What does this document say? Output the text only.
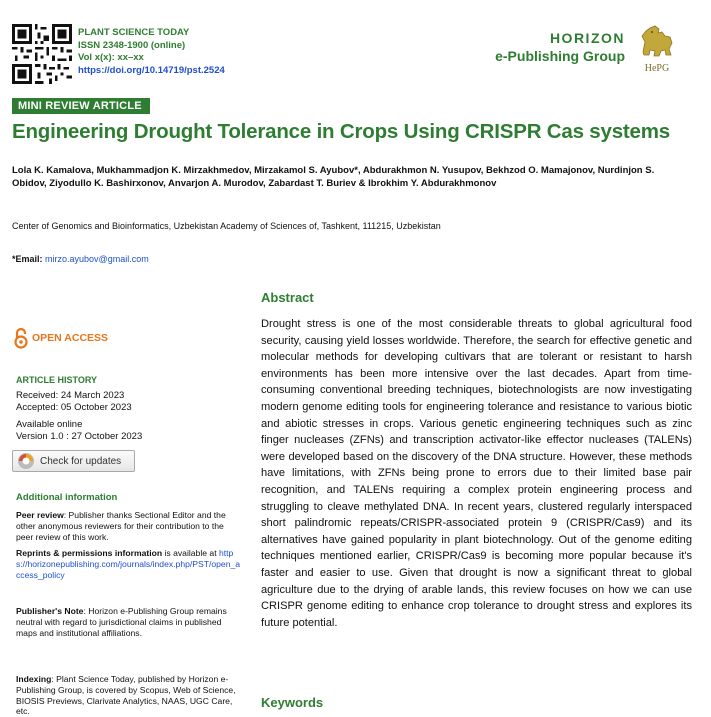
PLANT SCIENCE TODAY
ISSN 2348-1900 (online)
Vol x(x): xx–xx
https://doi.org/10.14719/pst.2524
HORIZON
e-Publishing Group
HePG
MINI REVIEW ARTICLE
Engineering Drought Tolerance in Crops Using CRISPR Cas systems
Lola K. Kamalova, Mukhammadjon K. Mirzakhmedov, Mirzakamol S. Ayubov*, Abdurakhmon N. Yusupov, Bekhzod O. Mamajonov, Nurdinjon S. Obidov, Ziyodullo K. Bashirxonov, Anvarjon A. Murodov, Zabardast T. Buriev & Ibrokhim Y. Abdurakhmonov
Center of Genomics and Bioinformatics, Uzbekistan Academy of Sciences of, Tashkent, 111215, Uzbekistan
*Email: mirzo.ayubov@gmail.com
Abstract
Drought stress is one of the most considerable threats to global agricultural food security, causing yield losses worldwide. Therefore, the search for effective genetic and molecular methods for developing cultivars that are tolerant or resistant to harsh environments has been more intensive over the last decades. Apart from time-consuming conventional breeding techniques, biotechnologists are now investigating modern genome editing tools for engineering tolerance and resistance to various biotic and abiotic stresses in crops. Various genetic engineering techniques such as zinc finger nucleases (ZFNs) and transcription activator-like effector nucleases (TALENs) were developed based on the discovery of the DNA structure. However, these methods have limitations, with ZFNs being prone to errors due to their limited base pair recognition, and TALENs requiring a complex protein engineering process and struggling to cleave methylated DNA. In recent years, clustered regularly interspaced short palindromic repeats/CRISPR-associated protein 9 (CRISPR/Cas9) and its alternatives have gained popularity in plant biotechnology. Out of the genome editing techniques mentioned earlier, CRISPR/Cas9 is becoming more popular because it's faster and easier to use. Given that drought is now a significant threat to global agriculture due to the drying of arable lands, this review focuses on how we can use CRISPR genome editing to enhance crop tolerance to drought stress and explores its future potential.
Keywords
OPEN ACCESS
ARTICLE HISTORY
Received: 24 March 2023
Accepted: 05 October 2023
Available online
Version 1.0 : 27 October 2023
Check for updates
Additional information
Peer review: Publisher thanks Sectional Editor and the other anonymous reviewers for their contribution to the peer review of this work.
Reprints & permissions information is available at https://horizonepublishing.com/journals/index.php/PST/open_access_policy
Publisher's Note: Horizon e-Publishing Group remains neutral with regard to jurisdictional claims in published maps and institutional affiliations.
Indexing: Plant Science Today, published by Horizon e-Publishing Group, is covered by Scopus, Web of Science, BIOSIS Previews, Clarivate Analytics, NAAS, UGC Care, etc.
